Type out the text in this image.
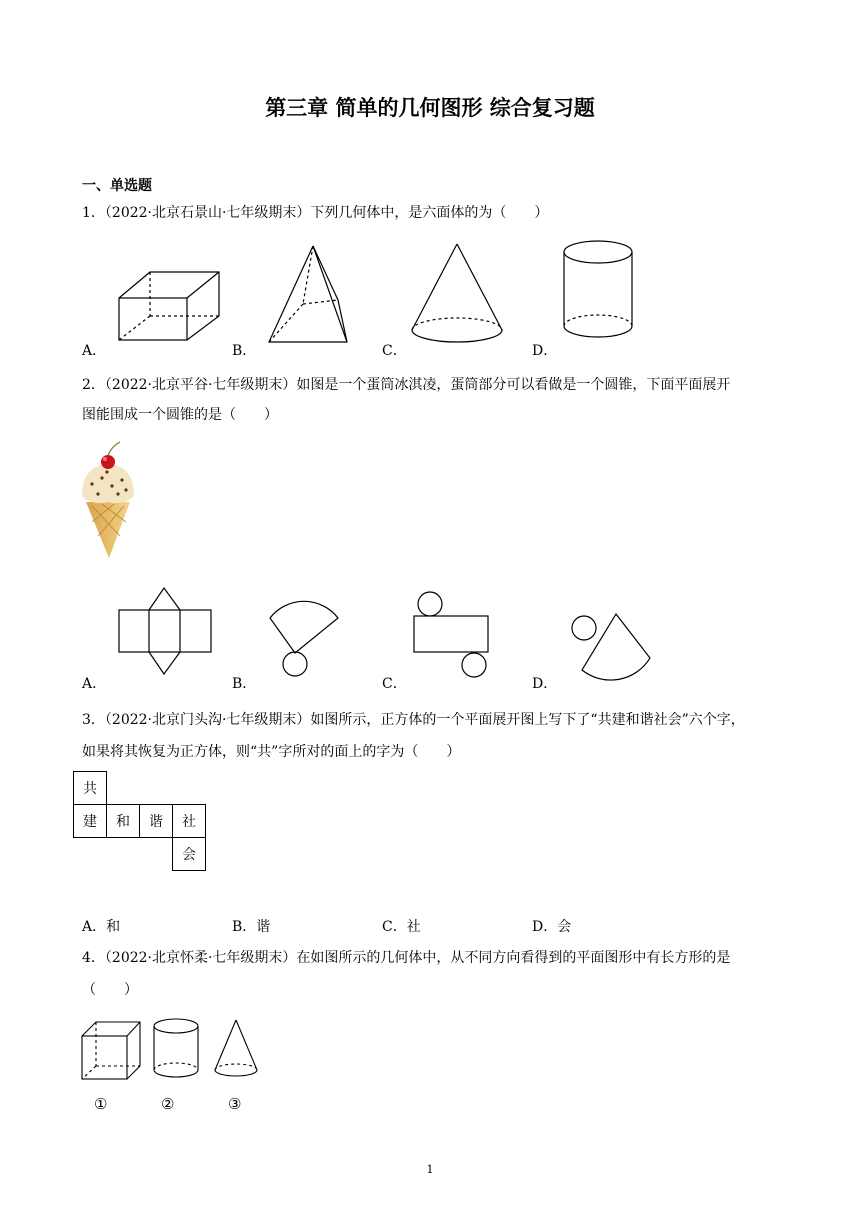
第三章 简单的几何图形 综合复习题
一、单选题
1．（2022·北京石景山·七年级期末）下列几何体中，是六面体的为（　　）
A．	B．	C．	D．
2．（2022·北京平谷·七年级期末）如图是一个蛋筒冰淇凌，蛋筒部分可以看做是一个圆锥，下面平面展开
图能围成一个圆锥的是（　　）
A．	B．	C．	D．
3．（2022·北京门头沟·七年级期末）如图所示，正方体的一个平面展开图上写下了“共建和谐社会”六个字，
如果将其恢复为正方体，则“共”字所对的面上的字为（　　）
共			
建	和	谐	社
			会
A．和	B．谐	C．社	D．会
4．（2022·北京怀柔·七年级期末）在如图所示的几何体中，从不同方向看得到的平面图形中有长方形的是
（　　）
①	②	③
1
